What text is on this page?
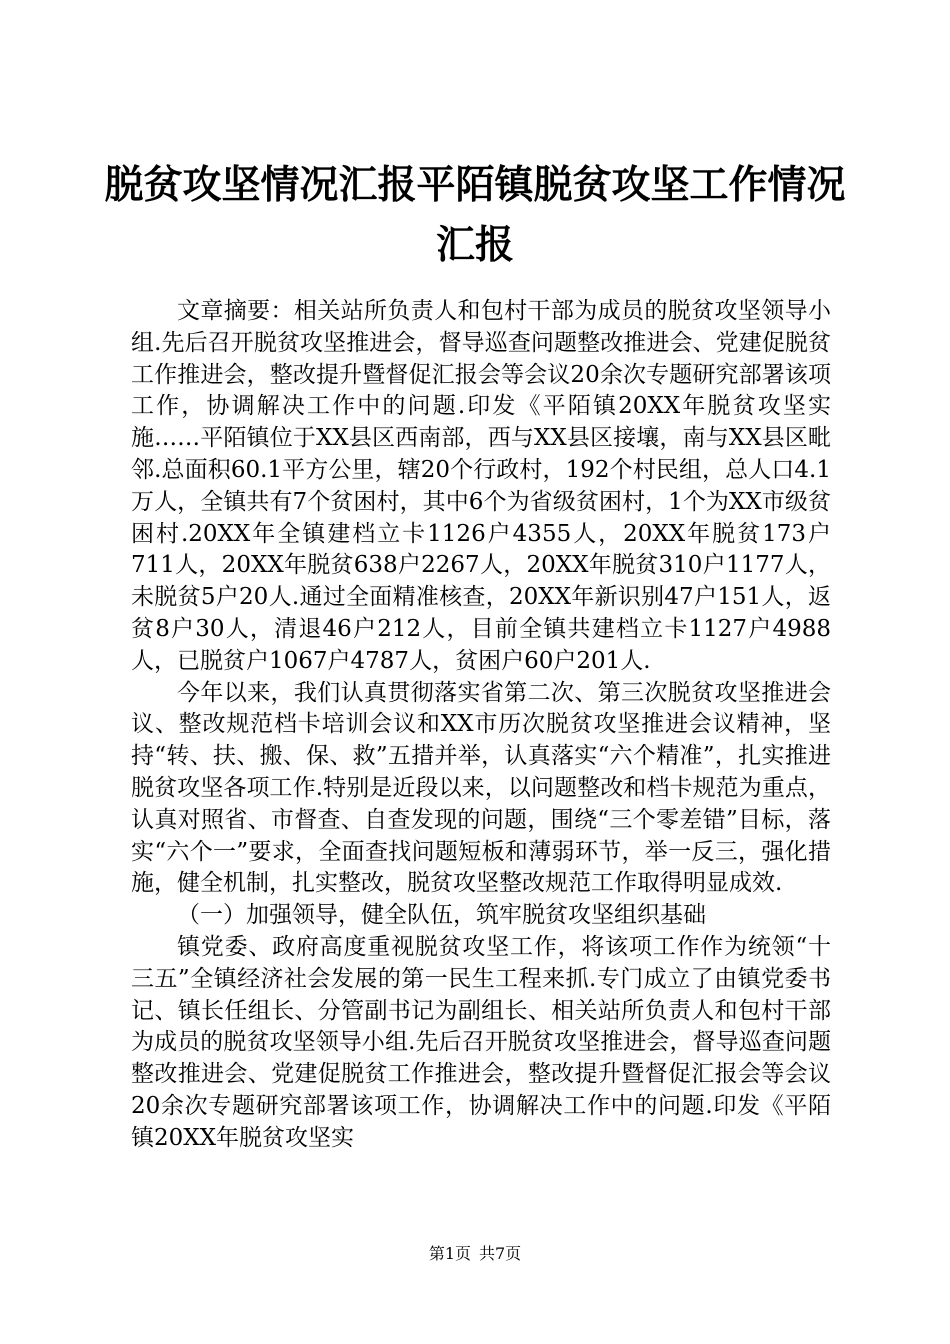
脱贫攻坚情况汇报平陌镇脱贫攻坚工作情况汇报

文章摘要：相关站所负责人和包村干部为成员的脱贫攻坚领导小组.先后召开脱贫攻坚推进会，督导巡查问题整改推进会、党建促脱贫工作推进会，整改提升暨督促汇报会等会议20余次专题研究部署该项工作，协调解决工作中的问题.印发《平陌镇20XX年脱贫攻坚实施……平陌镇位于XX县区西南部，西与XX县区接壤，南与XX县区毗邻.总面积60.1平方公里，辖20个行政村，192个村民组，总人口4.1万人，全镇共有7个贫困村，其中6个为省级贫困村，1个为XX市级贫困村.20XX年全镇建档立卡1126户4355人，20XX年脱贫173户711人，20XX年脱贫638户2267人，20XX年脱贫310户1177人，未脱贫5户20人.通过全面精准核查，20XX年新识别47户151人，返贫8户30人，清退46户212人，目前全镇共建档立卡1127户4988人，已脱贫户1067户4787人，贫困户60户201人.

今年以来，我们认真贯彻落实省第二次、第三次脱贫攻坚推进会议、整改规范档卡培训会议和XX市历次脱贫攻坚推进会议精神，坚持“转、扶、搬、保、救”五措并举，认真落实“六个精准”，扎实推进脱贫攻坚各项工作.特别是近段以来，以问题整改和档卡规范为重点，认真对照省、市督查、自查发现的问题，围绕“三个零差错”目标，落实“六个一”要求，全面查找问题短板和薄弱环节，举一反三，强化措施，健全机制，扎实整改，脱贫攻坚整改规范工作取得明显成效.

（一）加强领导，健全队伍，筑牢脱贫攻坚组织基础

镇党委、政府高度重视脱贫攻坚工作，将该项工作作为统领“十三五”全镇经济社会发展的第一民生工程来抓.专门成立了由镇党委书记、镇长任组长、分管副书记为副组长、相关站所负责人和包村干部为成员的脱贫攻坚领导小组.先后召开脱贫攻坚推进会，督导巡查问题整改推进会、党建促脱贫工作推进会，整改提升暨督促汇报会等会议20余次专题研究部署该项工作，协调解决工作中的问题.印发《平陌镇20XX年脱贫攻坚实

第1页 共7页
